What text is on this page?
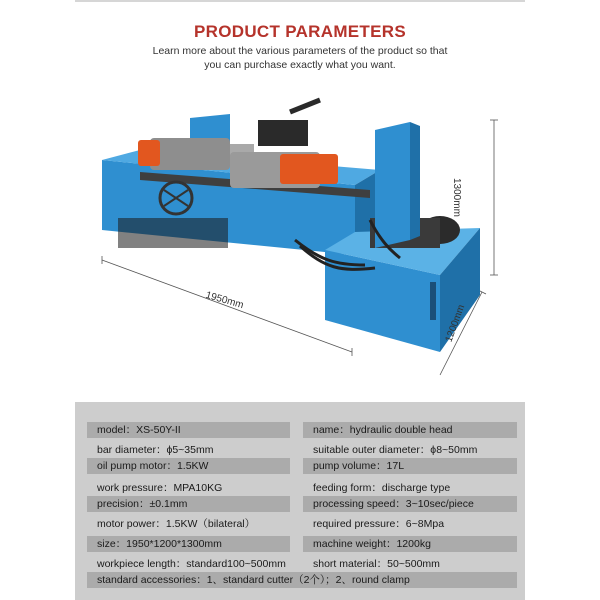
PRODUCT PARAMETERS
Learn more about the various parameters of the product so that you can purchase exactly what you want.
1950mm
1200mm
1300mm
model：XS-50Y-II	name：hydraulic double head
bar diameter：ϕ5~35mm	suitable outer diameter：ϕ8~50mm
oil pump motor：1.5KW	pump volume：17L
work pressure：MPA10KG	feeding form：discharge type
precision：±0.1mm	processing speed：3~10sec/piece
motor power：1.5KW（bilateral）	required pressure：6~8Mpa
size：1950*1200*1300mm	machine weight：1200kg
workpiece length：standard100~500mm	short material：50~500mm
standard accessories：1、standard cutter（2个）；2、round clamp
